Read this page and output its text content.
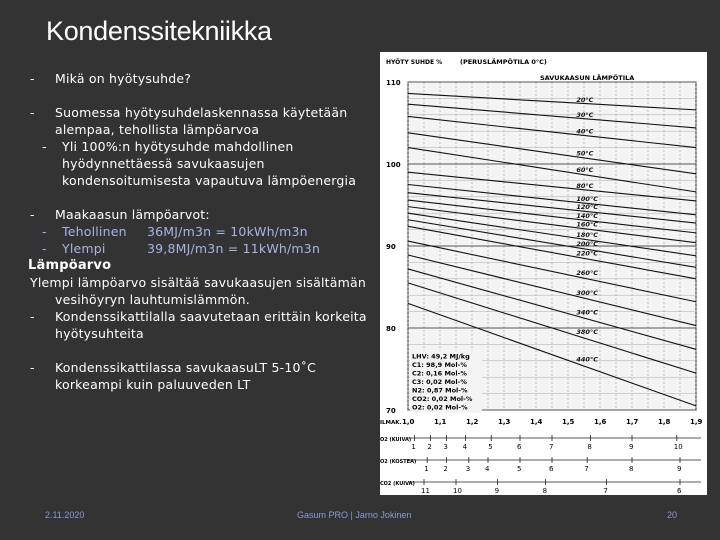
Kondenssitekniikka
- Mikä on hyötysuhde?
- Suomessa hyötysuhdelaskennassa käytetään alempaa, tehollista lämpöarvoa
- Yli 100%:n hyötysuhde mahdollinen hyödynnettäessä savukaasujen kondensoitumisesta vapautuva lämpöenergia
- Maakaasun lämpöarvot:
- Tehollinen 36MJ/m3n = 10kWh/m3n
- Ylempi	39,8MJ/m3n = 11kWh/m3n
Lämpöarvo
Ylempi lämpöarvo sisältää savukaasujen sisältämän vesihöyryn lauhtumislämmön.
- Kondenssikattilalla saavutetaan erittäin korkeita hyötysuhteita
- Kondenssikattilassa savukaasuLT 5-10˚C korkeampi kuin paluuveden LT
HYÖTY SUHDE %	(PERUSLÄMPÖTILA 0°C)
SAVUKAASUN LÄMPÖTILA
110
100
90
80
70
1,0	1,1	1,2	1,3	1,4	1,5	1,6	1,7	1,8	1,9
ILMAK.
20°C
30°C
40°C
50°C
60°C
80°C
100°C
120°C
140°C
160°C
180°C
200°C
220°C
260°C
300°C
340°C
380°C
440°C
LHV: 49,2 MJ/kg
C1: 98,9 Mol-%
C2: 0,16 Mol-%
C3: 0,02 Mol-%
N2: 0,87 Mol-%
CO2: 0,02 Mol-%
O2: 0,02 Mol-%
O2 (KUIVA)
1 2 3 4	5	6	7	8	9	10
O2 (KOSTEA)
1 2	3 4	5	6	7	8	9
CO2 (KUIVA)
11	10	9	8	7	6
2.11.2020	Gasum PRO | Jarno Jokinen	20
